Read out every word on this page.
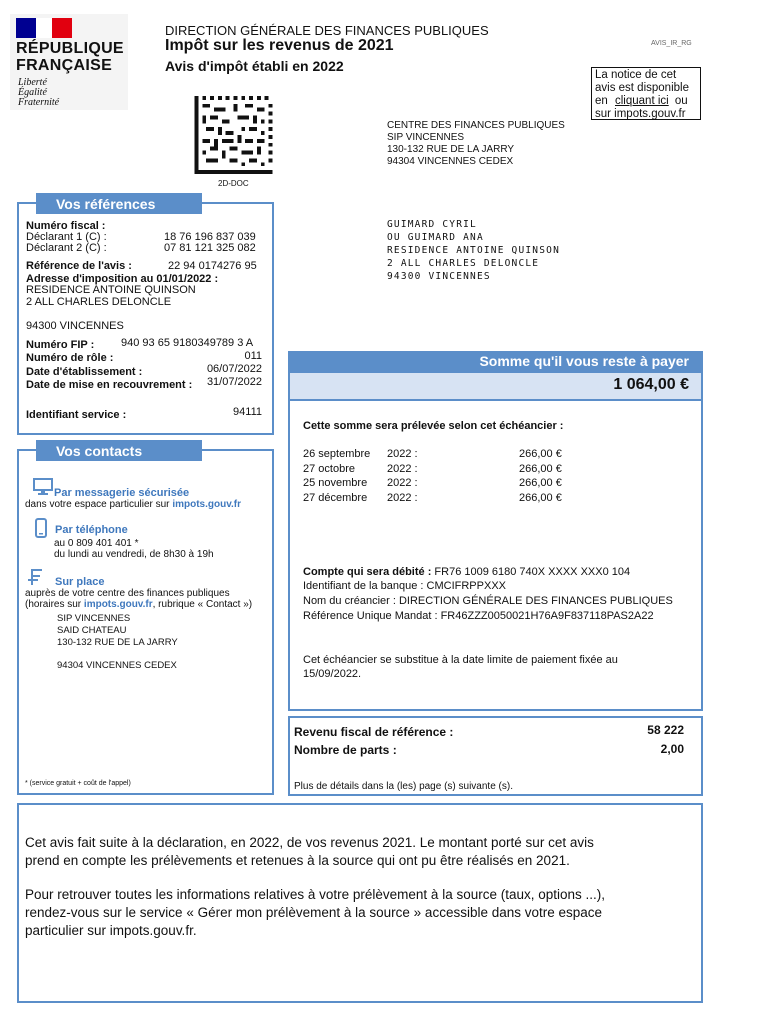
RÉPUBLIQUE
FRANÇAISE
Liberté
Égalité
Fraternité
DIRECTION GÉNÉRALE DES FINANCES PUBLIQUES
Impôt sur les revenus de 2021
Avis d'impôt établi en 2022
AVIS_IR_RG
La notice de cet
avis est disponible
en cliquant ici ou
sur impots.gouv.fr
2D-DOC
CENTRE DES FINANCES PUBLIQUES
SIP VINCENNES
130-132 RUE DE LA JARRY
94304 VINCENNES CEDEX
GUIMARD CYRIL
OU GUIMARD ANA
RESIDENCE ANTOINE QUINSON
2 ALL CHARLES DELONCLE
94300 VINCENNES
Vos références
Numéro fiscal :
Déclarant 1 (C) :	18 76 196 837 039
Déclarant 2 (C) :	07 81 121 325 082
Référence de l'avis :	22 94 0174276 95
Adresse d'imposition au 01/01/2022 :
RESIDENCE ANTOINE QUINSON
2 ALL CHARLES DELONCLE
94300 VINCENNES
Numéro FIP : 940 93 65 9180349789 3 A
Numéro de rôle :	011
Date d'établissement :	06/07/2022
Date de mise en recouvrement :	31/07/2022
Identifiant service :	94111
Vos contacts
Par messagerie sécurisée
dans votre espace particulier sur impots.gouv.fr
Par téléphone
au 0 809 401 401 *
du lundi au vendredi, de 8h30 à 19h
Sur place
auprès de votre centre des finances publiques
(horaires sur impots.gouv.fr, rubrique « Contact »)
SIP VINCENNES
SAID CHATEAU
130-132 RUE DE LA JARRY
94304 VINCENNES CEDEX
* (service gratuit + coût de l'appel)
Somme qu'il vous reste à payer
1 064,00 €
Cette somme sera prélevée selon cet échéancier :
26 septembre 2022 :	266,00 €
27 octobre	2022 :	266,00 €
25 novembre 2022 :	266,00 €
27 décembre 2022 :	266,00 €
Compte qui sera débité : FR76 1009 6180 740X XXXX XXX0 104
Identifiant de la banque : CMCIFRPPXXX
Nom du créancier : DIRECTION GÉNÉRALE DES FINANCES PUBLIQUES
Référence Unique Mandat : FR46ZZZ0050021H76A9F837118PAS2A22
Cet échéancier se substitue à la date limite de paiement fixée au
15/09/2022.
Revenu fiscal de référence :	58 222
Nombre de parts :	2,00
Plus de détails dans la (les) page (s) suivante (s).
Cet avis fait suite à la déclaration, en 2022, de vos revenus 2021. Le montant porté sur cet avis
prend en compte les prélèvements et retenues à la source qui ont pu être réalisés en 2021.
Pour retrouver toutes les informations relatives à votre prélèvement à la source (taux, options ...),
rendez-vous sur le service « Gérer mon prélèvement à la source » accessible dans votre espace
particulier sur impots.gouv.fr.
